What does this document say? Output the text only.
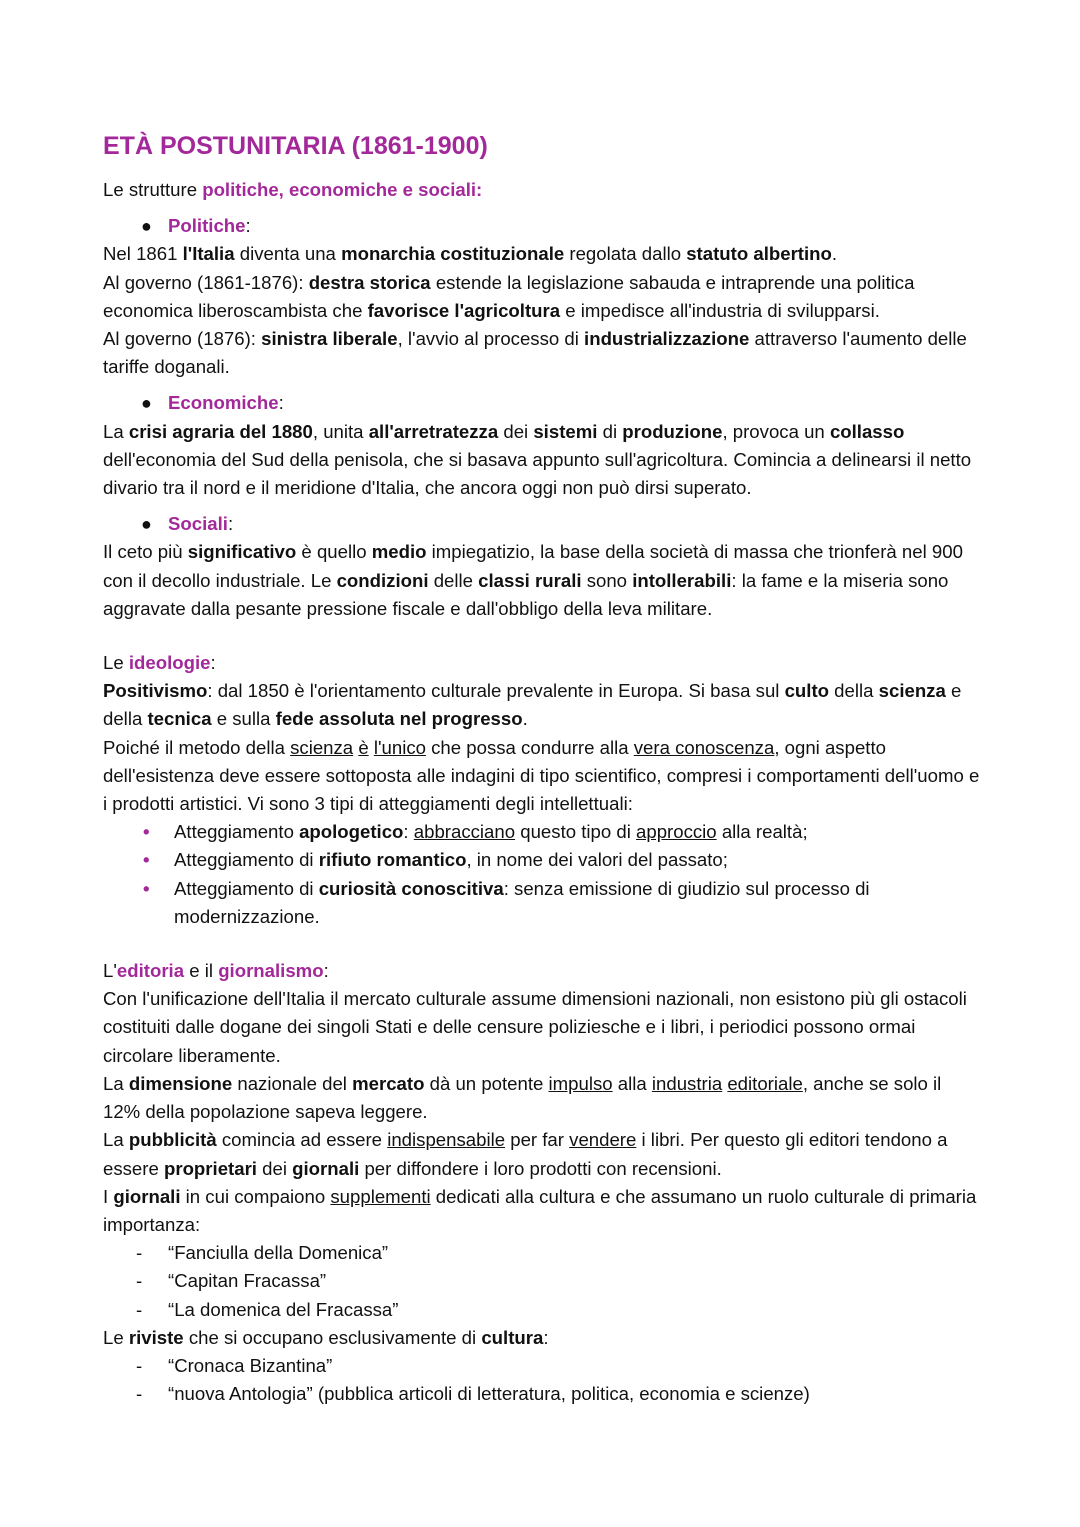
ETÀ POSTUNITARIA (1861-1900)

Le strutture politiche, economiche e sociali:

● Politiche:

Nel 1861 l'Italia diventa una monarchia costituzionale regolata dallo statuto albertino.

Al governo (1861-1876): destra storica estende la legislazione sabauda e intraprende una politica economica liberoscambista che favorisce l'agricoltura e impedisce all'industria di svilupparsi.

Al governo (1876): sinistra liberale, l'avvio al processo di industrializzazione attraverso l'aumento delle tariffe doganali.

● Economiche:

La crisi agraria del 1880, unita all'arretratezza dei sistemi di produzione, provoca un collasso dell'economia del Sud della penisola, che si basava appunto sull'agricoltura. Comincia a delinearsi il netto divario tra il nord e il meridione d'Italia, che ancora oggi non può dirsi superato.

● Sociali:

Il ceto più significativo è quello medio impiegatizio, la base della società di massa che trionferà nel 900 con il decollo industriale. Le condizioni delle classi rurali sono intollerabili: la fame e la miseria sono aggravate dalla pesante pressione fiscale e dall'obbligo della leva militare.

Le ideologie:

Positivismo: dal 1850 è l'orientamento culturale prevalente in Europa. Si basa sul culto della scienza e della tecnica e sulla fede assoluta nel progresso.

Poiché il metodo della scienza è l'unico che possa condurre alla vera conoscenza, ogni aspetto dell'esistenza deve essere sottoposta alle indagini di tipo scientifico, compresi i comportamenti dell'uomo e i prodotti artistici. Vi sono 3 tipi di atteggiamenti degli intellettuali:

• Atteggiamento apologetico: abbracciano questo tipo di approccio alla realtà;
• Atteggiamento di rifiuto romantico, in nome dei valori del passato;
• Atteggiamento di curiosità conoscitiva: senza emissione di giudizio sul processo di modernizzazione.

L'editoria e il giornalismo:

Con l'unificazione dell'Italia il mercato culturale assume dimensioni nazionali, non esistono più gli ostacoli costituiti dalle dogane dei singoli Stati e delle censure poliziesche e i libri, i periodici possono ormai circolare liberamente.

La dimensione nazionale del mercato dà un potente impulso alla industria editoriale, anche se solo il 12% della popolazione sapeva leggere.

La pubblicità comincia ad essere indispensabile per far vendere i libri. Per questo gli editori tendono a essere proprietari dei giornali per diffondere i loro prodotti con recensioni.

I giornali in cui compaiono supplementi dedicati alla cultura e che assumano un ruolo culturale di primaria importanza:

- “Fanciulla della Domenica”
- “Capitan Fracassa”
- “La domenica del Fracassa”

Le riviste che si occupano esclusivamente di cultura:

- “Cronaca Bizantina”
- “nuova Antologia” (pubblica articoli di letteratura, politica, economia e scienze)
